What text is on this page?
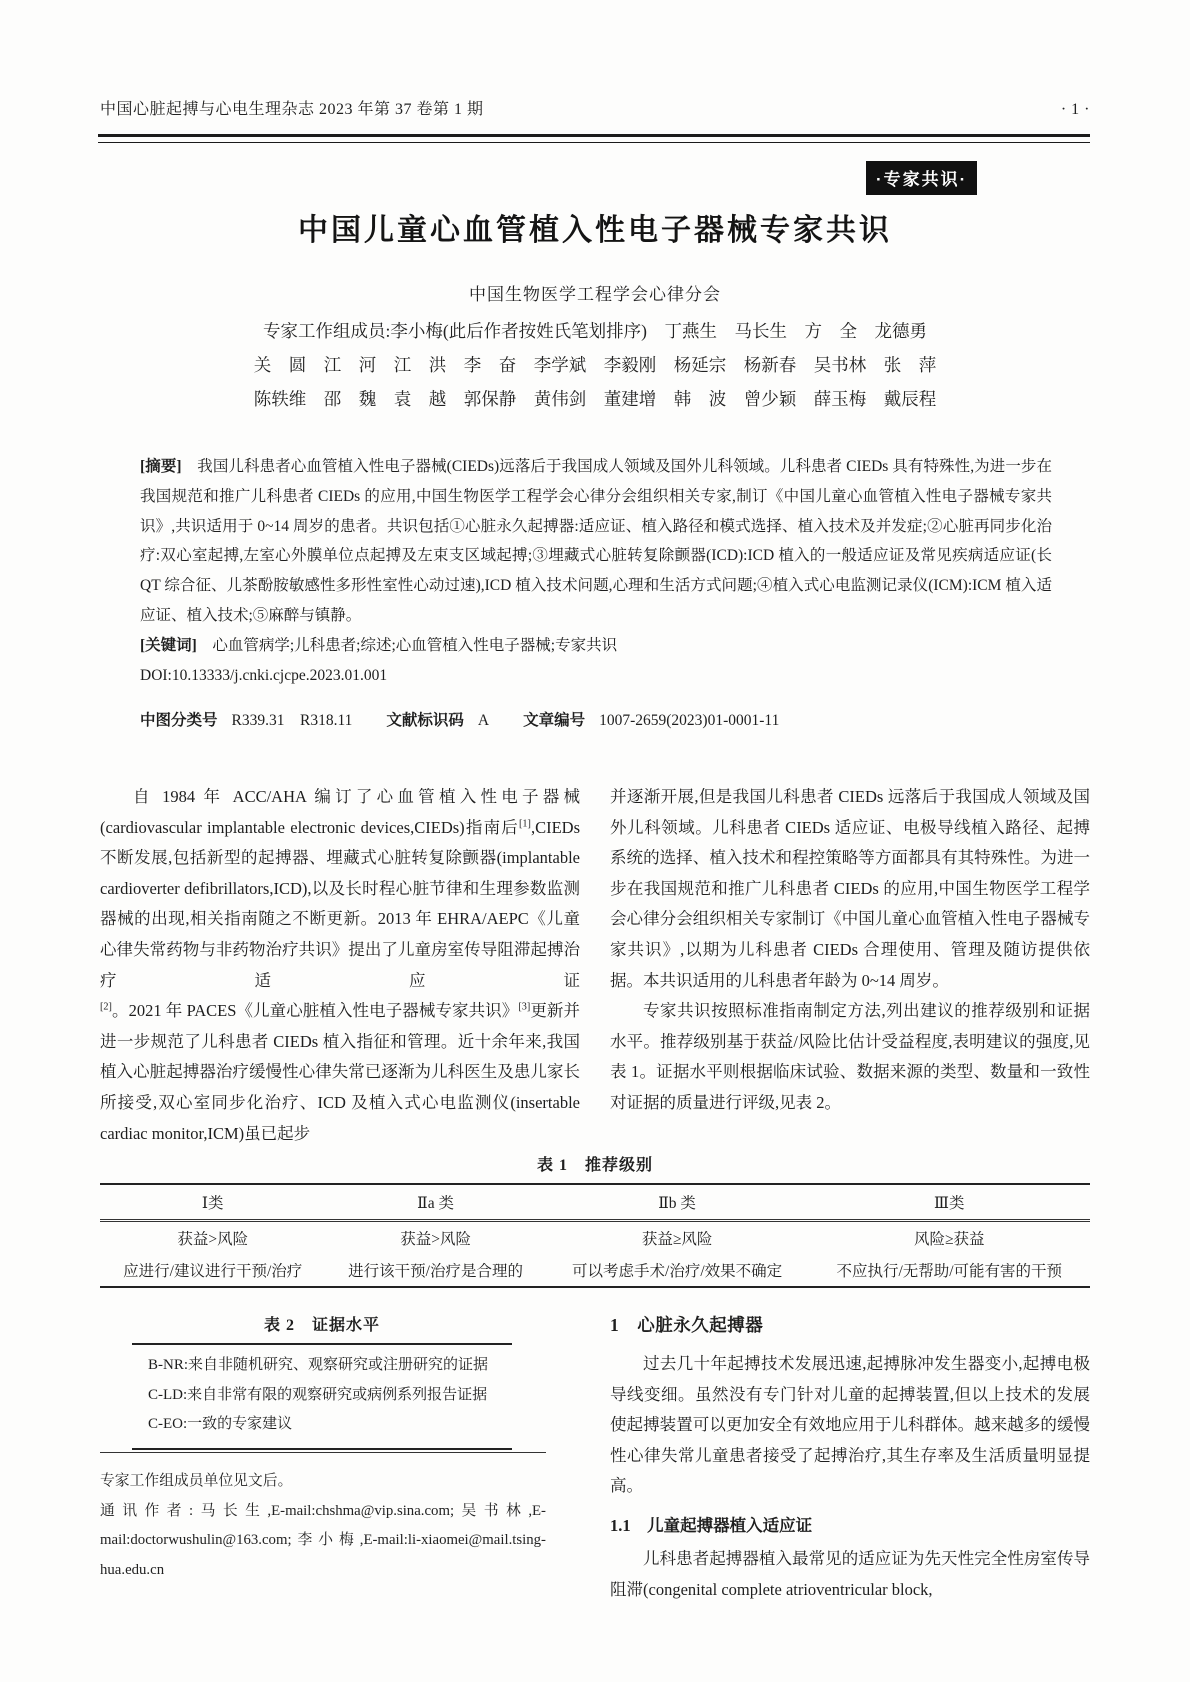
中国心脏起搏与心电生理杂志 2023 年第 37 卷第 1 期	· 1 ·
·专家共识·
中国儿童心血管植入性电子器械专家共识
中国生物医学工程学会心律分会
专家工作组成员:李小梅(此后作者按姓氏笔划排序)　丁燕生　马长生　方　全　龙德勇
关　圆　江　河　江　洪　李　奋　李学斌　李毅刚　杨延宗　杨新春　吴书林　张　萍
陈轶维　邵　魏　袁　越　郭保静　黄伟剑　董建增　韩　波　曾少颖　薛玉梅　戴辰程

[摘要]　 我国儿科患者心血管植入性电子器械(CIEDs)远落后于我国成人领域及国外儿科领域。儿科患者 CIEDs 具有特殊性,为进一步在我国规范和推广儿科患者 CIEDs 的应用,中国生物医学工程学会心律分会组织相关专家,制订《中国儿童心血管植入性电子器械专家共识》,共识适用于 0~14 周岁的患者。共识包括①心脏永久起搏器:适应证、植入路径和模式选择、植入技术及并发症;②心脏再同步化治疗:双心室起搏,左室心外膜单位点起搏及左束支区域起搏;③埋藏式心脏转复除颤器(ICD):ICD 植入的一般适应证及常见疾病适应证(长 QT 综合征、儿茶酚胺敏感性多形性室性心动过速),ICD 植入技术问题,心理和生活方式问题;④植入式心电监测记录仪(ICM):ICM 植入适应证、植入技术;⑤麻醉与镇静。

[关键词]　 心血管病学;儿科患者;综述;心血管植入性电子器械;专家共识

DOI:10.13333/j.cnki.cjcpe.2023.01.001

中图分类号 R339.31　R318.11 文献标识码 A 文章编号 1007-2659(2023)01-0001-11

自 1984 年 ACC/AHA 编订了心血管植入性电子器械(cardiovascular implantable electronic devices,CIEDs)指南后[1],CIEDs 不断发展,包括新型的起搏器、埋藏式心脏转复除颤器(implantable cardioverter defibrillators,ICD),以及长时程心脏节律和生理参数监测器械的出现,相关指南随之不断更新。2013 年 EHRA/AEPC《儿童心律失常药物与非药物治疗共识》提出了儿童房室传导阻滞起搏治疗适应证[2]。2021 年 PACES《儿童心脏植入性电子器械专家共识》[3]更新并进一步规范了儿科患者 CIEDs 植入指征和管理。近十余年来,我国植入心脏起搏器治疗缓慢性心律失常已逐渐为儿科医生及患儿家长所接受,双心室同步化治疗、ICD 及植入式心电监测仪(insertable cardiac monitor,ICM)虽已起步

并逐渐开展,但是我国儿科患者 CIEDs 远落后于我国成人领域及国外儿科领域。儿科患者 CIEDs 适应证、电极导线植入路径、起搏系统的选择、植入技术和程控策略等方面都具有其特殊性。为进一步在我国规范和推广儿科患者 CIEDs 的应用,中国生物医学工程学会心律分会组织相关专家制订《中国儿童心血管植入性电子器械专家共识》,以期为儿科患者 CIEDs 合理使用、管理及随访提供依据。本共识适用的儿科患者年龄为 0~14 周岁。

专家共识按照标准指南制定方法,列出建议的推荐级别和证据水平。推荐级别基于获益/风险比估计受益程度,表明建议的强度,见表 1。证据水平则根据临床试验、数据来源的类型、数量和一致性对证据的质量进行评级,见表 2。

表 1　推荐级别
Ⅰ类	Ⅱa 类	Ⅱb 类	Ⅲ类
获益>风险	获益>风险	获益≥风险	风险≥获益
应进行/建议进行干预/治疗	进行该干预/治疗是合理的	可以考虑手术/治疗/效果不确定	不应执行/无帮助/可能有害的干预
表 2　证据水平
B-NR:来自非随机研究、观察研究或注册研究的证据
C-LD:来自非常有限的观察研究或病例系列报告证据
C-EO:一致的专家建议

专家工作组成员单位见文后。

通讯作者:马长生,E-mail:chshma@vip.sina.com;吴书林,E-mail:doctorwushulin@163.com;李小梅,E-mail:li-xiaomei@mail.tsing-hua.edu.cn

1　心脏永久起搏器

过去几十年起搏技术发展迅速,起搏脉冲发生器变小,起搏电极导线变细。虽然没有专门针对儿童的起搏装置,但以上技术的发展使起搏装置可以更加安全有效地应用于儿科群体。越来越多的缓慢性心律失常儿童患者接受了起搏治疗,其生存率及生活质量明显提高。

1.1　儿童起搏器植入适应证

儿科患者起搏器植入最常见的适应证为先天性完全性房室传导阻滞(congenital complete atrioventricular block,
